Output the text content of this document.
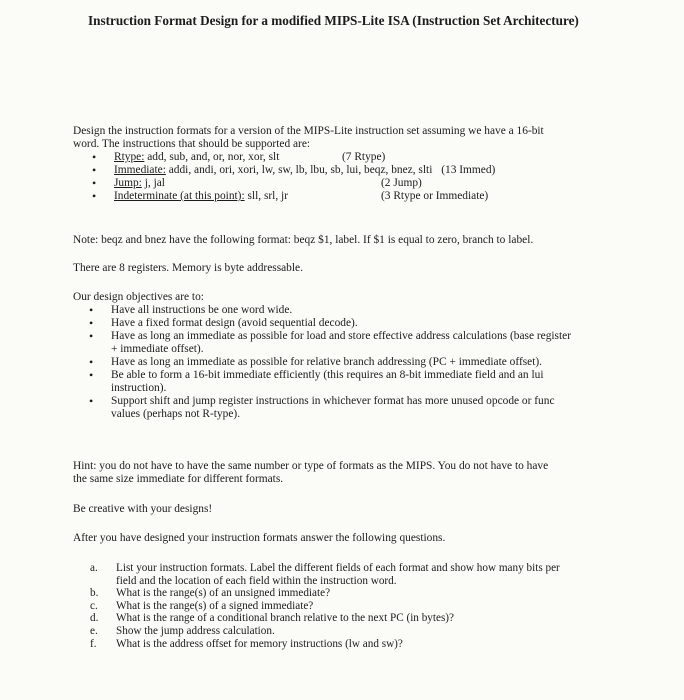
Instruction Format Design for a modified MIPS-Lite ISA (Instruction Set Architecture)
Design the instruction formats for a version of the MIPS-Lite instruction set assuming we have a 16-bit
word. The instructions that should be supported are:
• Rtype: add, sub, and, or, nor, xor, slt	(7 Rtype)
• Immediate: addi, andi, ori, xori, lw, sw, lb, lbu, sb, lui, beqz, bnez, slti (13 Immed)
• Jump: j, jal	(2 Jump)
• Indeterminate (at this point): sll, srl, jr	(3 Rtype or Immediate)
Note: beqz and bnez have the following format: beqz $1, label. If $1 is equal to zero, branch to label.
There are 8 registers. Memory is byte addressable.
Our design objectives are to:
• Have all instructions be one word wide.
• Have a fixed format design (avoid sequential decode).
• Have as long an immediate as possible for load and store effective address calculations (base register
+ immediate offset).
• Have as long an immediate as possible for relative branch addressing (PC + immediate offset).
• Be able to form a 16-bit immediate efficiently (this requires an 8-bit immediate field and an lui
instruction).
• Support shift and jump register instructions in whichever format has more unused opcode or func
values (perhaps not R-type).
Hint: you do not have to have the same number or type of formats as the MIPS. You do not have to have
the same size immediate for different formats.
Be creative with your designs!
After you have designed your instruction formats answer the following questions.
a. List your instruction formats. Label the different fields of each format and show how many bits per
field and the location of each field within the instruction word.
b. What is the range(s) of an unsigned immediate?
c. What is the range(s) of a signed immediate?
d. What is the range of a conditional branch relative to the next PC (in bytes)?
e. Show the jump address calculation.
f. What is the address offset for memory instructions (lw and sw)?
